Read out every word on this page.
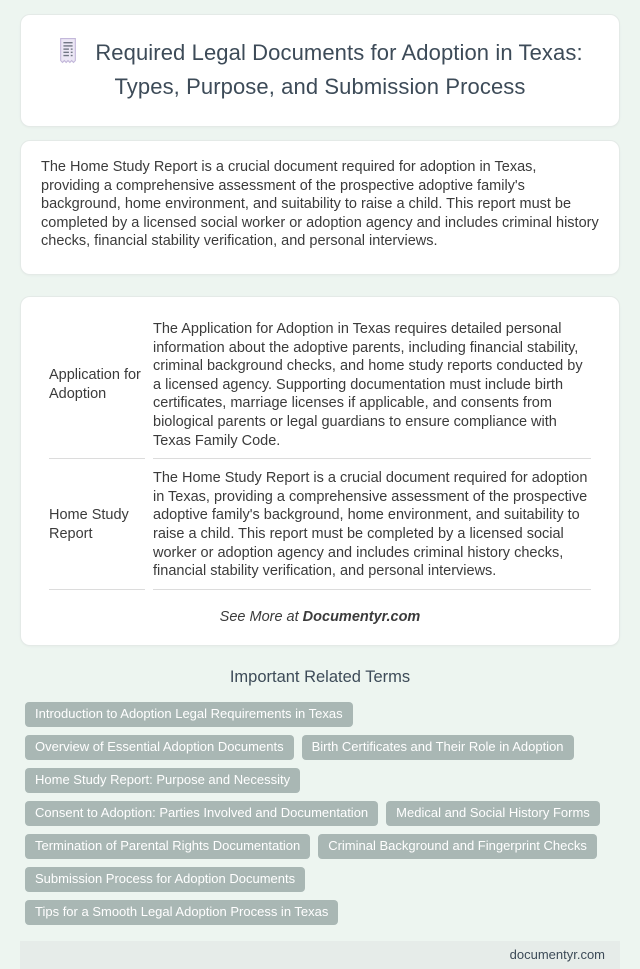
Required Legal Documents for Adoption in Texas: Types, Purpose, and Submission Process

The Home Study Report is a crucial document required for adoption in Texas, providing a comprehensive assessment of the prospective adoptive family's background, home environment, and suitability to raise a child. This report must be completed by a licensed social worker or adoption agency and includes criminal history checks, financial stability verification, and personal interviews.

Application for Adoption	The Application for Adoption in Texas requires detailed personal information about the adoptive parents, including financial stability, criminal background checks, and home study reports conducted by a licensed agency. Supporting documentation must include birth certificates, marriage licenses if applicable, and consents from biological parents or legal guardians to ensure compliance with Texas Family Code.
Home Study Report	The Home Study Report is a crucial document required for adoption in Texas, providing a comprehensive assessment of the prospective adoptive family's background, home environment, and suitability to raise a child. This report must be completed by a licensed social worker or adoption agency and includes criminal history checks, financial stability verification, and personal interviews.

See More at Documentyr.com

Important Related Terms
Introduction to Adoption Legal Requirements in Texas
Overview of Essential Adoption Documents	Birth Certificates and Their Role in Adoption
Home Study Report: Purpose and Necessity
Consent to Adoption: Parties Involved and Documentation	Medical and Social History Forms
Termination of Parental Rights Documentation	Criminal Background and Fingerprint Checks
Submission Process for Adoption Documents
Tips for a Smooth Legal Adoption Process in Texas
documentyr.com
